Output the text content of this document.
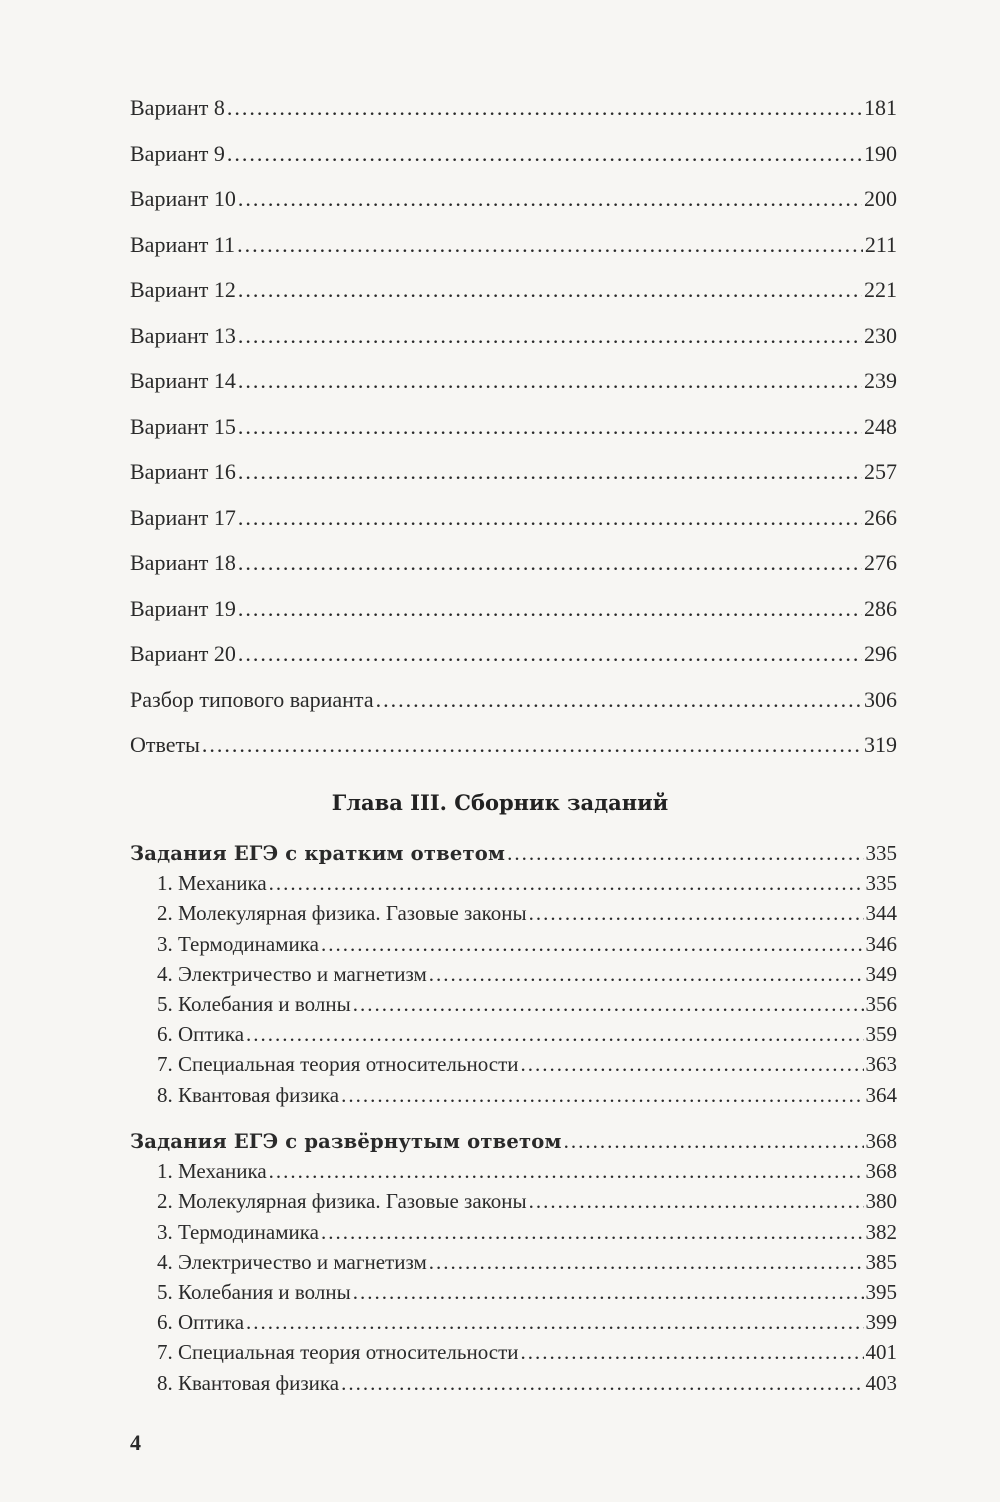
Вариант 8 .....	181
Вариант 9 .....	190
Вариант 10 .....	200
Вариант 11 .....	211
Вариант 12 .....	221
Вариант 13 .....	230
Вариант 14 .....	239
Вариант 15 .....	248
Вариант 16 .....	257
Вариант 17 .....	266
Вариант 18 .....	276
Вариант 19 .....	286
Вариант 20 .....	296
Разбор типового варианта .....	306
Ответы .....	319
Глава III. Сборник заданий
Задания ЕГЭ с кратким ответом .....	335
1. Механика .....	335
2. Молекулярная физика. Газовые законы .....	344
3. Термодинамика .....	346
4. Электричество и магнетизм .....	349
5. Колебания и волны .....	356
6. Оптика .....	359
7. Специальная теория относительности .....	363
8. Квантовая физика .....	364
Задания ЕГЭ с развёрнутым ответом .....	368
1. Механика .....	368
2. Молекулярная физика. Газовые законы .....	380
3. Термодинамика .....	382
4. Электричество и магнетизм .....	385
5. Колебания и волны .....	395
6. Оптика .....	399
7. Специальная теория относительности .....	401
8. Квантовая физика .....	403
4
